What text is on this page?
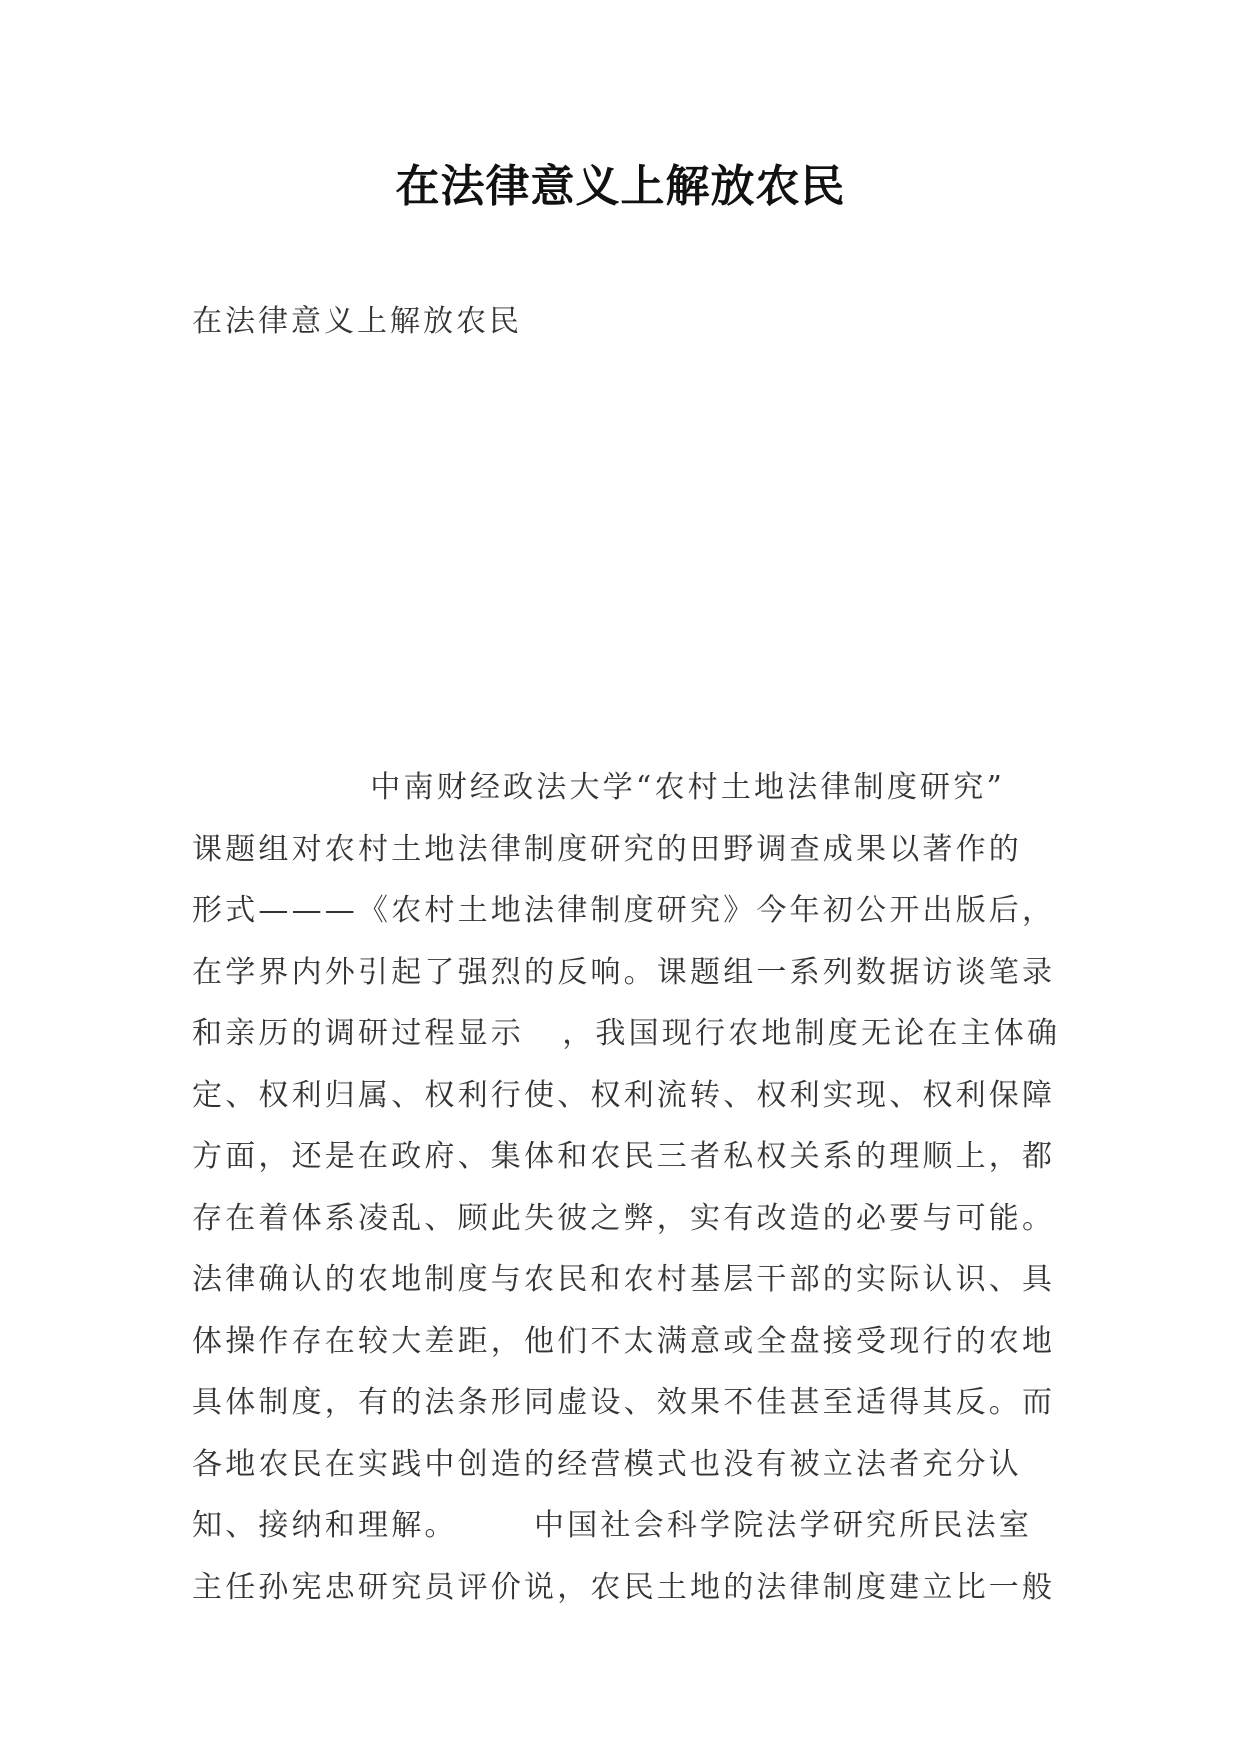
在法律意义上解放农民

在法律意义上解放农民

中南财经政法大学“农村土地法律制度研究”
课题组对农村土地法律制度研究的田野调查成果以著作的
形式———《农村土地法律制度研究》今年初公开出版后，
在学界内外引起了强烈的反响。课题组一系列数据访谈笔录
和亲历的调研过程显示   ，我国现行农地制度无论在主体确
定、权利归属、权利行使、权利流转、权利实现、权利保障
方面，还是在政府、集体和农民三者私权关系的理顺上，都
存在着体系凌乱、顾此失彼之弊，实有改造的必要与可能。
法律确认的农地制度与农民和农村基层干部的实际认识、具
体操作存在较大差距，他们不太满意或全盘接受现行的农地
具体制度，有的法条形同虚设、效果不佳甚至适得其反。而
各地农民在实践中创造的经营模式也没有被立法者充分认
知、接纳和理解。      中国社会科学院法学研究所民法室
主任孙宪忠研究员评价说，农民土地的法律制度建立比一般
